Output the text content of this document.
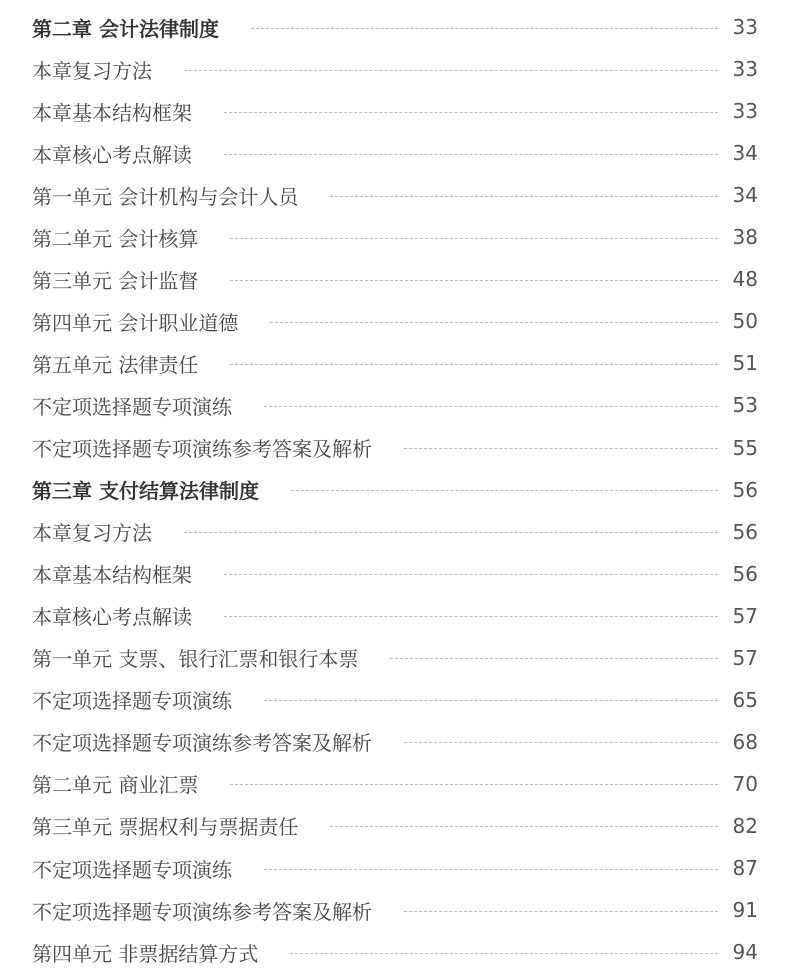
第二章 会计法律制度	33
本章复习方法	33
本章基本结构框架	33
本章核心考点解读	34
第一单元 会计机构与会计人员	34
第二单元 会计核算	38
第三单元 会计监督	48
第四单元 会计职业道德	50
第五单元 法律责任	51
不定项选择题专项演练	53
不定项选择题专项演练参考答案及解析	55
第三章 支付结算法律制度	56
本章复习方法	56
本章基本结构框架	56
本章核心考点解读	57
第一单元 支票、银行汇票和银行本票	57
不定项选择题专项演练	65
不定项选择题专项演练参考答案及解析	68
第二单元 商业汇票	70
第三单元 票据权利与票据责任	82
不定项选择题专项演练	87
不定项选择题专项演练参考答案及解析	91
第四单元 非票据结算方式	94
